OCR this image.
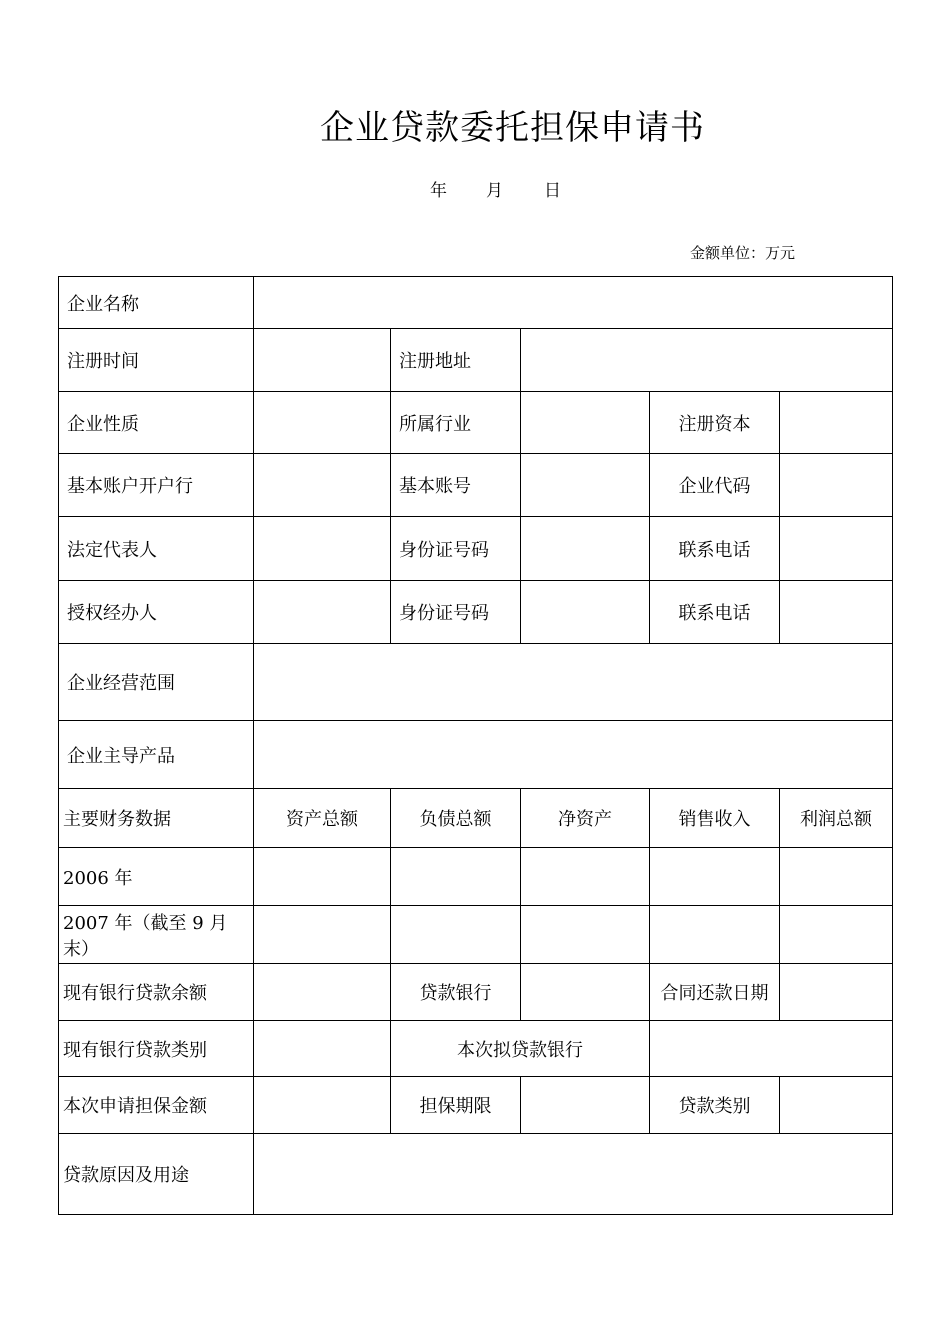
企业贷款委托担保申请书
年 月 日
金额单位：万元
企业名称					
注册时间		注册地址			
企业性质		所属行业		注册资本	
基本账户开户行		基本账号		企业代码	
法定代表人		身份证号码		联系电话	
授权经办人		身份证号码		联系电话	
企业经营范围					
企业主导产品					
主要财务数据	资产总额	负债总额	净资产	销售收入	利润总额
2006 年					
2007 年（截至 9 月末）					
现有银行贷款余额		贷款银行		合同还款日期	
现有银行贷款类别		本次拟贷款银行			
本次申请担保金额		担保期限		贷款类别	
贷款原因及用途					
